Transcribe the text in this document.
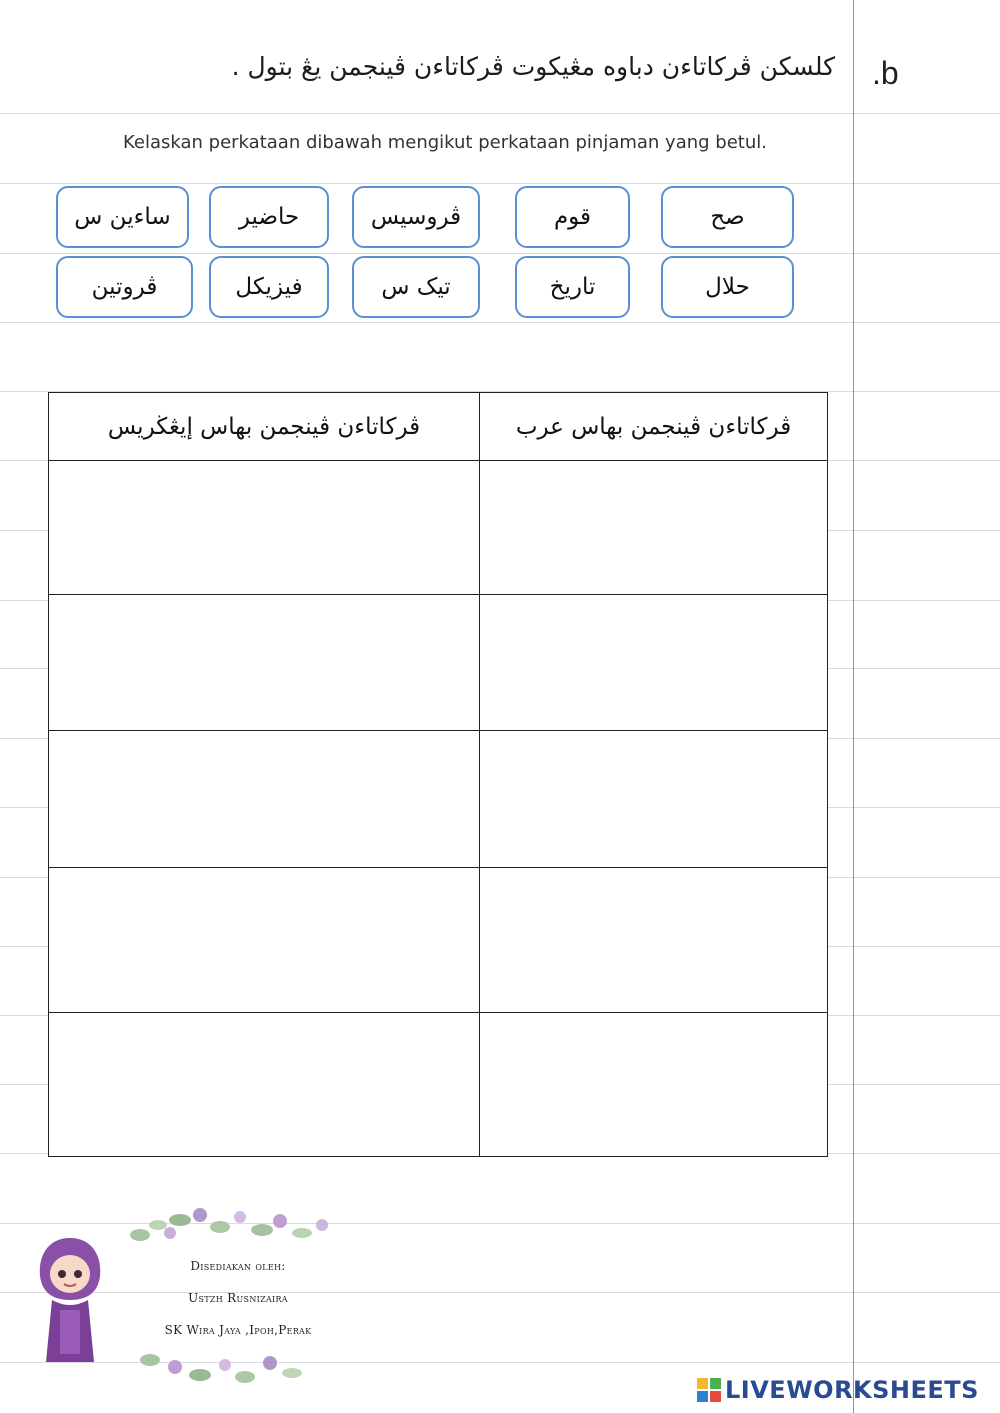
.b
كلسكن ڤركاتاءن دباوه مڠيكوت ڤركاتاءن ڤينجمن يڠ بتول .
Kelaskan perkataan dibawah mengikut perkataan pinjaman yang betul.
صح
قوم
ڤروسيس
حاضير
ساءين س
حلال
تاريخ
تيک س
فيزيكل
ڤروتين
ڤركاتاءن ڤينجمن بهاس إيڠڬريس	ڤركاتاءن ڤينجمن بهاس عرب

Disediakan oleh:
Ustzh Rusnizaira
SK Wira Jaya ,Ipoh,Perak
LIVEWORKSHEETS
